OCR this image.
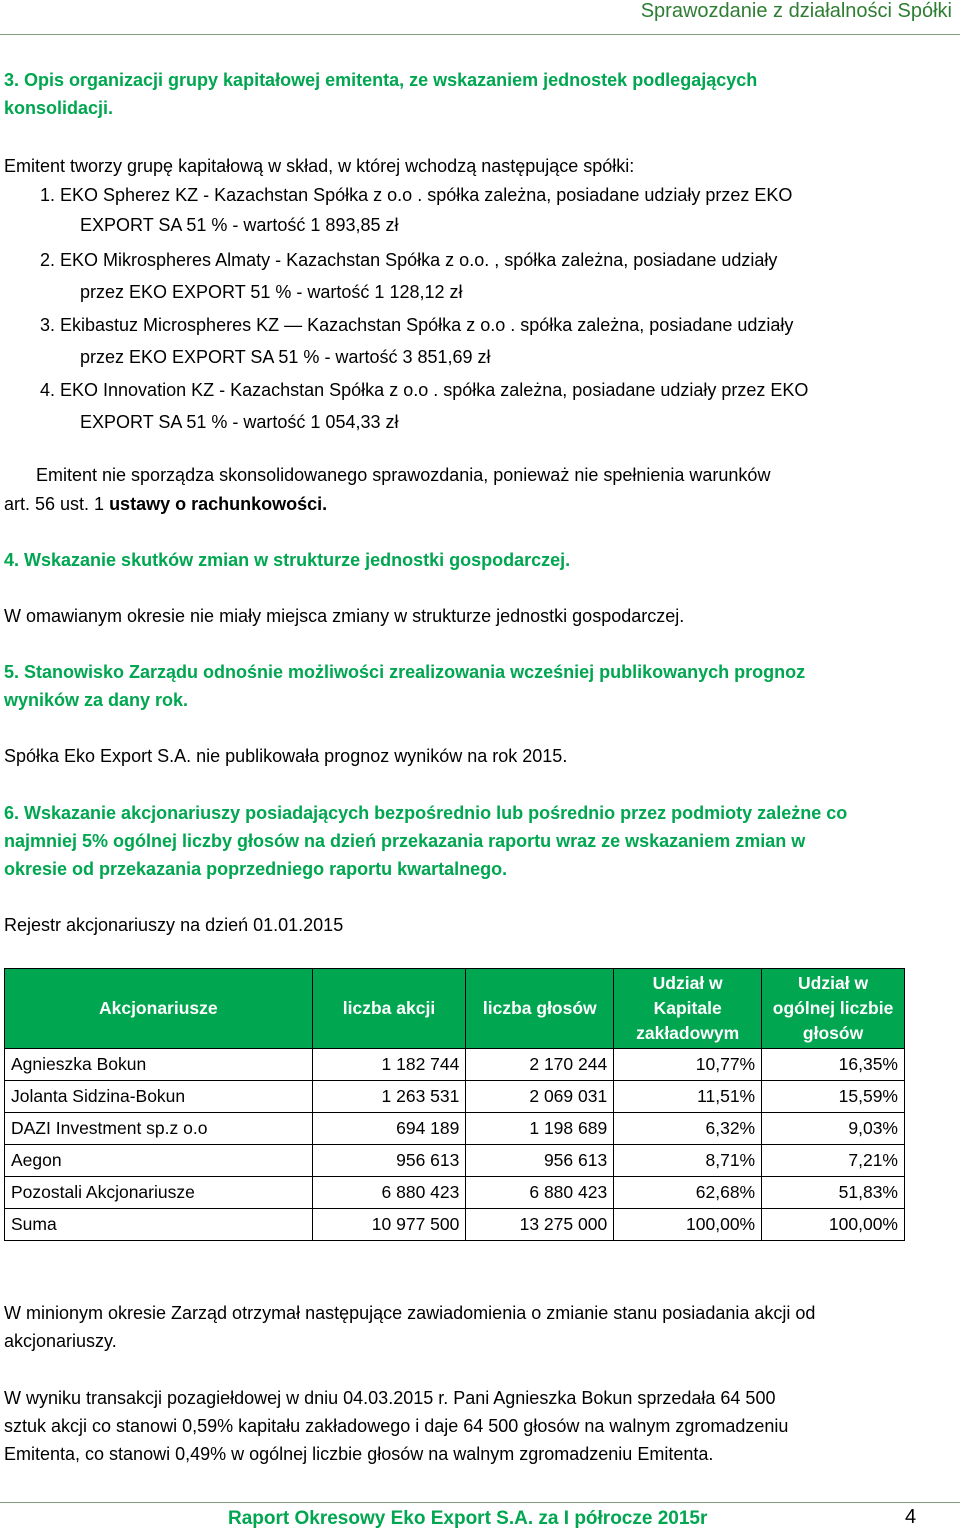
Sprawozdanie z działalności Spółki
3. Opis organizacji grupy kapitałowej emitenta, ze wskazaniem jednostek podlegających
konsolidacji.
Emitent tworzy grupę kapitałową w skład, w której wchodzą następujące spółki:
1. EKO Spherez KZ - Kazachstan Spółka z o.o . spółka zależna, posiadane udziały przez EKO
EXPORT SA 51 % - wartość 1 893,85 zł
2. EKO Mikrospheres Almaty - Kazachstan Spółka z o.o. , spółka zależna, posiadane udziały
przez EKO EXPORT 51 % - wartość 1 128,12 zł
3. Ekibastuz Microspheres KZ — Kazachstan Spółka z o.o . spółka zależna, posiadane udziały
przez EKO EXPORT SA 51 % - wartość 3 851,69 zł
4. EKO Innovation KZ - Kazachstan Spółka z o.o . spółka zależna, posiadane udziały przez EKO
EXPORT SA 51 % - wartość 1 054,33 zł
Emitent nie sporządza skonsolidowanego sprawozdania, ponieważ nie spełnienia warunków
art. 56 ust. 1 ustawy o rachunkowości.
4. Wskazanie skutków zmian w strukturze jednostki gospodarczej.
W omawianym okresie nie miały miejsca zmiany w strukturze jednostki gospodarczej.
5. Stanowisko Zarządu odnośnie możliwości zrealizowania wcześniej publikowanych prognoz
wyników za dany rok.
Spółka Eko Export S.A. nie publikowała prognoz wyników na rok 2015.
6. Wskazanie akcjonariuszy posiadających bezpośrednio lub pośrednio przez podmioty zależne co
najmniej 5% ogólnej liczby głosów na dzień przekazania raportu wraz ze wskazaniem zmian w
okresie od przekazania poprzedniego raportu kwartalnego.
Rejestr akcjonariuszy na dzień 01.01.2015
Akcjonariusze	liczba akcji	liczba głosów	Udział w Kapitale zakładowym	Udział w ogólnej liczbie głosów
Agnieszka Bokun	1 182 744	2 170 244	10,77%	16,35%
Jolanta Sidzina-Bokun	1 263 531	2 069 031	11,51%	15,59%
DAZI Investment sp.z o.o	694 189	1 198 689	6,32%	9,03%
Aegon	956 613	956 613	8,71%	7,21%
Pozostali Akcjonariusze	6 880 423	6 880 423	62,68%	51,83%
Suma	10 977 500	13 275 000	100,00%	100,00%
W minionym okresie Zarząd otrzymał następujące zawiadomienia o zmianie stanu posiadania akcji od
akcjonariuszy.
W wyniku transakcji pozagiełdowej w dniu 04.03.2015 r. Pani Agnieszka Bokun sprzedała 64 500
sztuk akcji co stanowi 0,59% kapitału zakładowego i daje 64 500 głosów na walnym zgromadzeniu
Emitenta, co stanowi 0,49% w ogólnej liczbie głosów na walnym zgromadzeniu Emitenta.
Raport Okresowy Eko Export S.A. za I półrocze 2015r	4
